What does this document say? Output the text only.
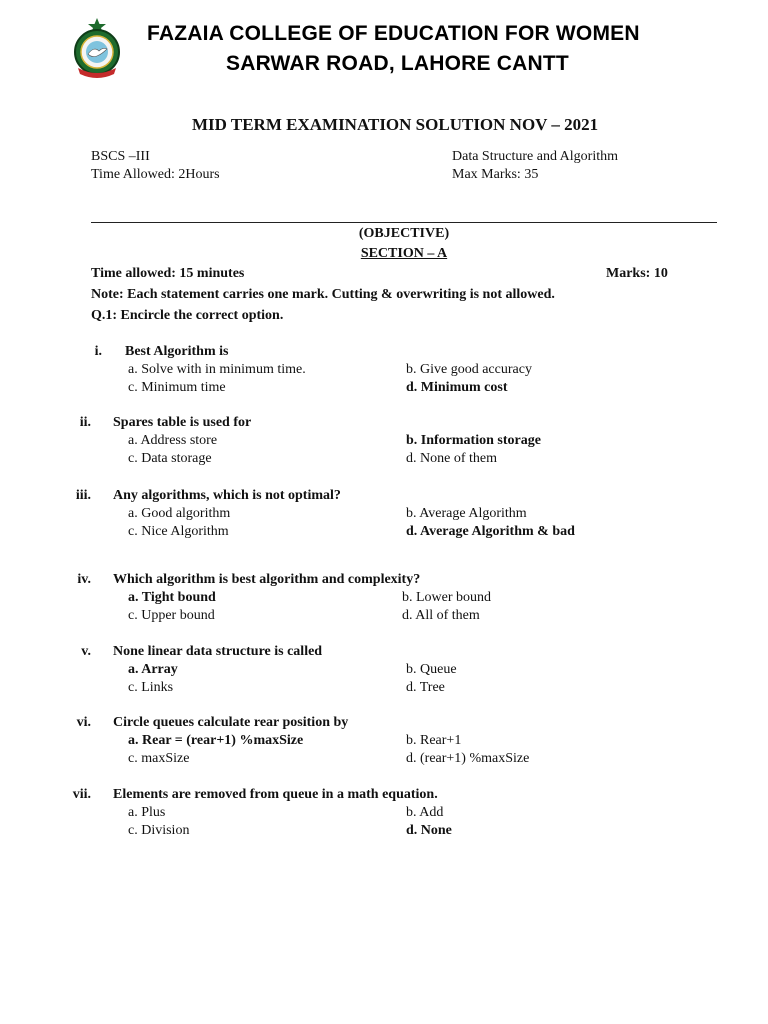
FAZAIA COLLEGE OF EDUCATION FOR WOMEN
SARWAR ROAD, LAHORE CANTT
MID TERM EXAMINATION SOLUTION NOV – 2021
BSCS –III	Data Structure and Algorithm
Time Allowed: 2Hours	Max Marks: 35
(OBJECTIVE)
SECTION – A
Time allowed: 15 minutes	Marks: 10
Note: Each statement carries one mark. Cutting & overwriting is not allowed.
Q.1: Encircle the correct option.
i. Best Algorithm is
a. Solve with in minimum time.	b. Give good accuracy
c. Minimum time	d. Minimum cost
ii. Spares table is used for
a. Address store	b. Information storage
c. Data storage	d. None of them
iii. Any algorithms, which is not optimal?
a. Good algorithm	b. Average Algorithm
c. Nice Algorithm	d. Average Algorithm & bad
iv. Which algorithm is best algorithm and complexity?
a. Tight bound	b. Lower bound
c. Upper bound	d. All of them
v. None linear data structure is called
a. Array	b. Queue
c. Links	d. Tree
vi. Circle queues calculate rear position by
a. Rear = (rear+1) %maxSize	b. Rear+1
c. maxSize	d. (rear+1) %maxSize
vii. Elements are removed from queue in a math equation.
a. Plus	b. Add
c. Division	d. None
